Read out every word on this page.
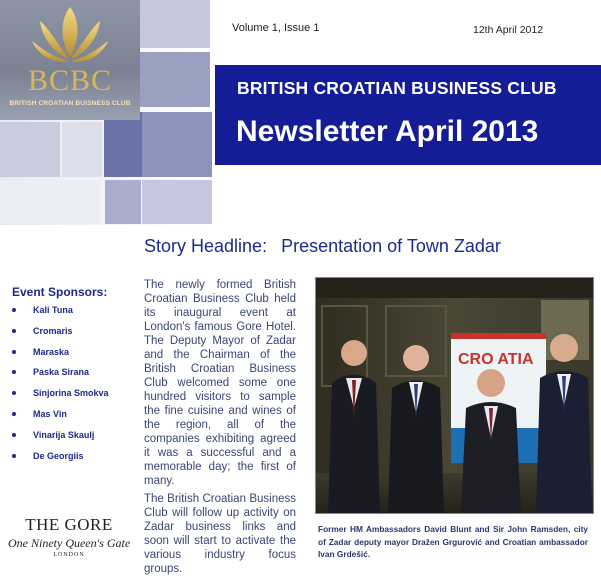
BCBC
BRITISH CROATIAN BUISNESS CLUB
Volume 1, Issue 1	12th April 2012
BRITISH CROATIAN BUSINESS CLUB
Newsletter April 2013
Event Sponsors:
Kali Tuna
Cromaris
Maraska
Paska Sirana
Sinjorina Smokva
Mas Vin
Vinarija Skaulj
De Georgiis
THE GORE
One Ninety Queen's Gate
LONDON
Story Headline: Presentation of Town Zadar
The newly formed British Croatian Business Club held its inaugural event at London's famous Gore Hotel. The Deputy Mayor of Zadar and the Chairman of the British Croatian Business Club welcomed some one hundred visitors to sample the fine cuisine and wines of the region, all of the companies exhibiting agreed it was a successful and a memorable day; the first of many.
The British Croatian Business Club will follow up activity on Zadar business links and soon will start to activate the various industry focus groups.
CRO ATIA
Former HM Ambassadors David Blunt and Sir John Ramsden, city of Zadar deputy mayor Dražen Grgurović and Croatian ambassador Ivan Grdešić.
